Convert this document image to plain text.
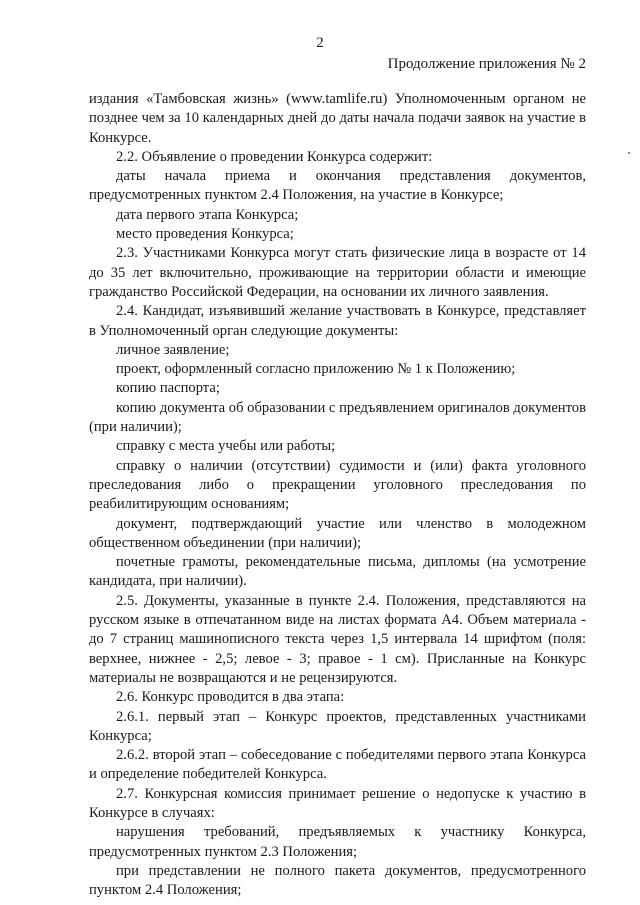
2
Продолжение приложения № 2

издания «Тамбовская жизнь» (www.tamlife.ru) Уполномоченным органом не позднее чем за 10 календарных дней до даты начала подачи заявок на участие в Конкурсе.

2.2. Объявление о проведении Конкурса содержит:

даты начала приема и окончания представления документов, предусмотренных пунктом 2.4 Положения, на участие в Конкурсе;

дата первого этапа Конкурса;

место проведения Конкурса;

2.3. Участниками Конкурса могут стать физические лица в возрасте от 14 до 35 лет включительно, проживающие на территории области и имеющие гражданство Российской Федерации, на основании их личного заявления.

2.4. Кандидат, изъявивший желание участвовать в Конкурсе, представляет в Уполномоченный орган следующие документы:

личное заявление;

проект, оформленный согласно приложению № 1 к Положению;

копию паспорта;

копию документа об образовании с предъявлением оригиналов документов (при наличии);

справку с места учебы или работы;

справку о наличии (отсутствии) судимости и (или) факта уголовного преследования либо о прекращении уголовного преследования по реабилитирующим основаниям;

документ, подтверждающий участие или членство в молодежном общественном объединении (при наличии);

почетные грамоты, рекомендательные письма, дипломы (на усмотрение кандидата, при наличии).

2.5. Документы, указанные в пункте 2.4. Положения, представляются на русском языке в отпечатанном виде на листах формата А4. Объем материала - до 7 страниц машинописного текста через 1,5 интервала 14 шрифтом (поля: верхнее, нижнее - 2,5; левое - 3; правое - 1 см). Присланные на Конкурс материалы не возвращаются и не рецензируются.

2.6. Конкурс проводится в два этапа:

2.6.1. первый этап – Конкурс проектов, представленных участниками Конкурса;

2.6.2. второй этап – собеседование с победителями первого этапа Конкурса и определение победителей Конкурса.

2.7. Конкурсная комиссия принимает решение о недопуске к участию в Конкурсе в случаях:

нарушения требований, предъявляемых к участнику Конкурса, предусмотренных пунктом 2.3 Положения;

при представлении не полного пакета документов, предусмотренного пунктом 2.4 Положения;
